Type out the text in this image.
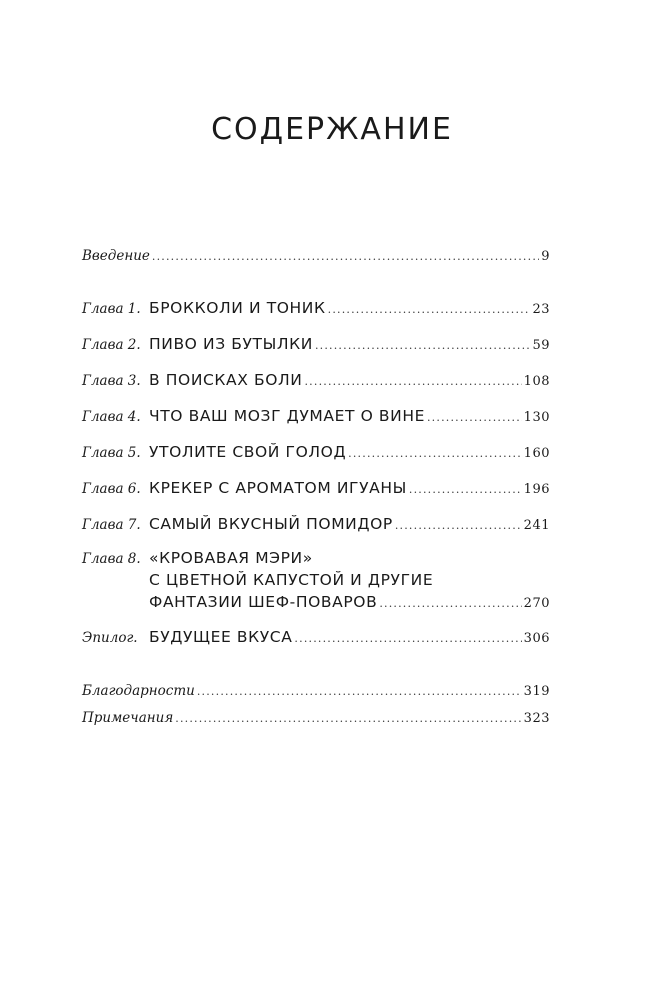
СОДЕРЖАНИЕ
Введение .....	9
Глава 1. БРОККОЛИ И ТОНИК .....	23
Глава 2. ПИВО ИЗ БУТЫЛКИ .....	59
Глава 3. В ПОИСКАХ БОЛИ .....	108
Глава 4. ЧТО ВАШ МОЗГ ДУМАЕТ О ВИНЕ .....	130
Глава 5. УТОЛИТЕ СВОЙ ГОЛОД .....	160
Глава 6. КРЕКЕР С АРОМАТОМ ИГУАНЫ .....	196
Глава 7. САМЫЙ ВКУСНЫЙ ПОМИДОР .....	241
Глава 8. «КРОВАВАЯ МЭРИ»
С ЦВЕТНОЙ КАПУСТОЙ И ДРУГИЕ
ФАНТАЗИИ ШЕФ-ПОВАРОВ .....	270
Эпилог. БУДУЩЕЕ ВКУСА .....	306
Благодарности .....	319
Примечания .....	323
